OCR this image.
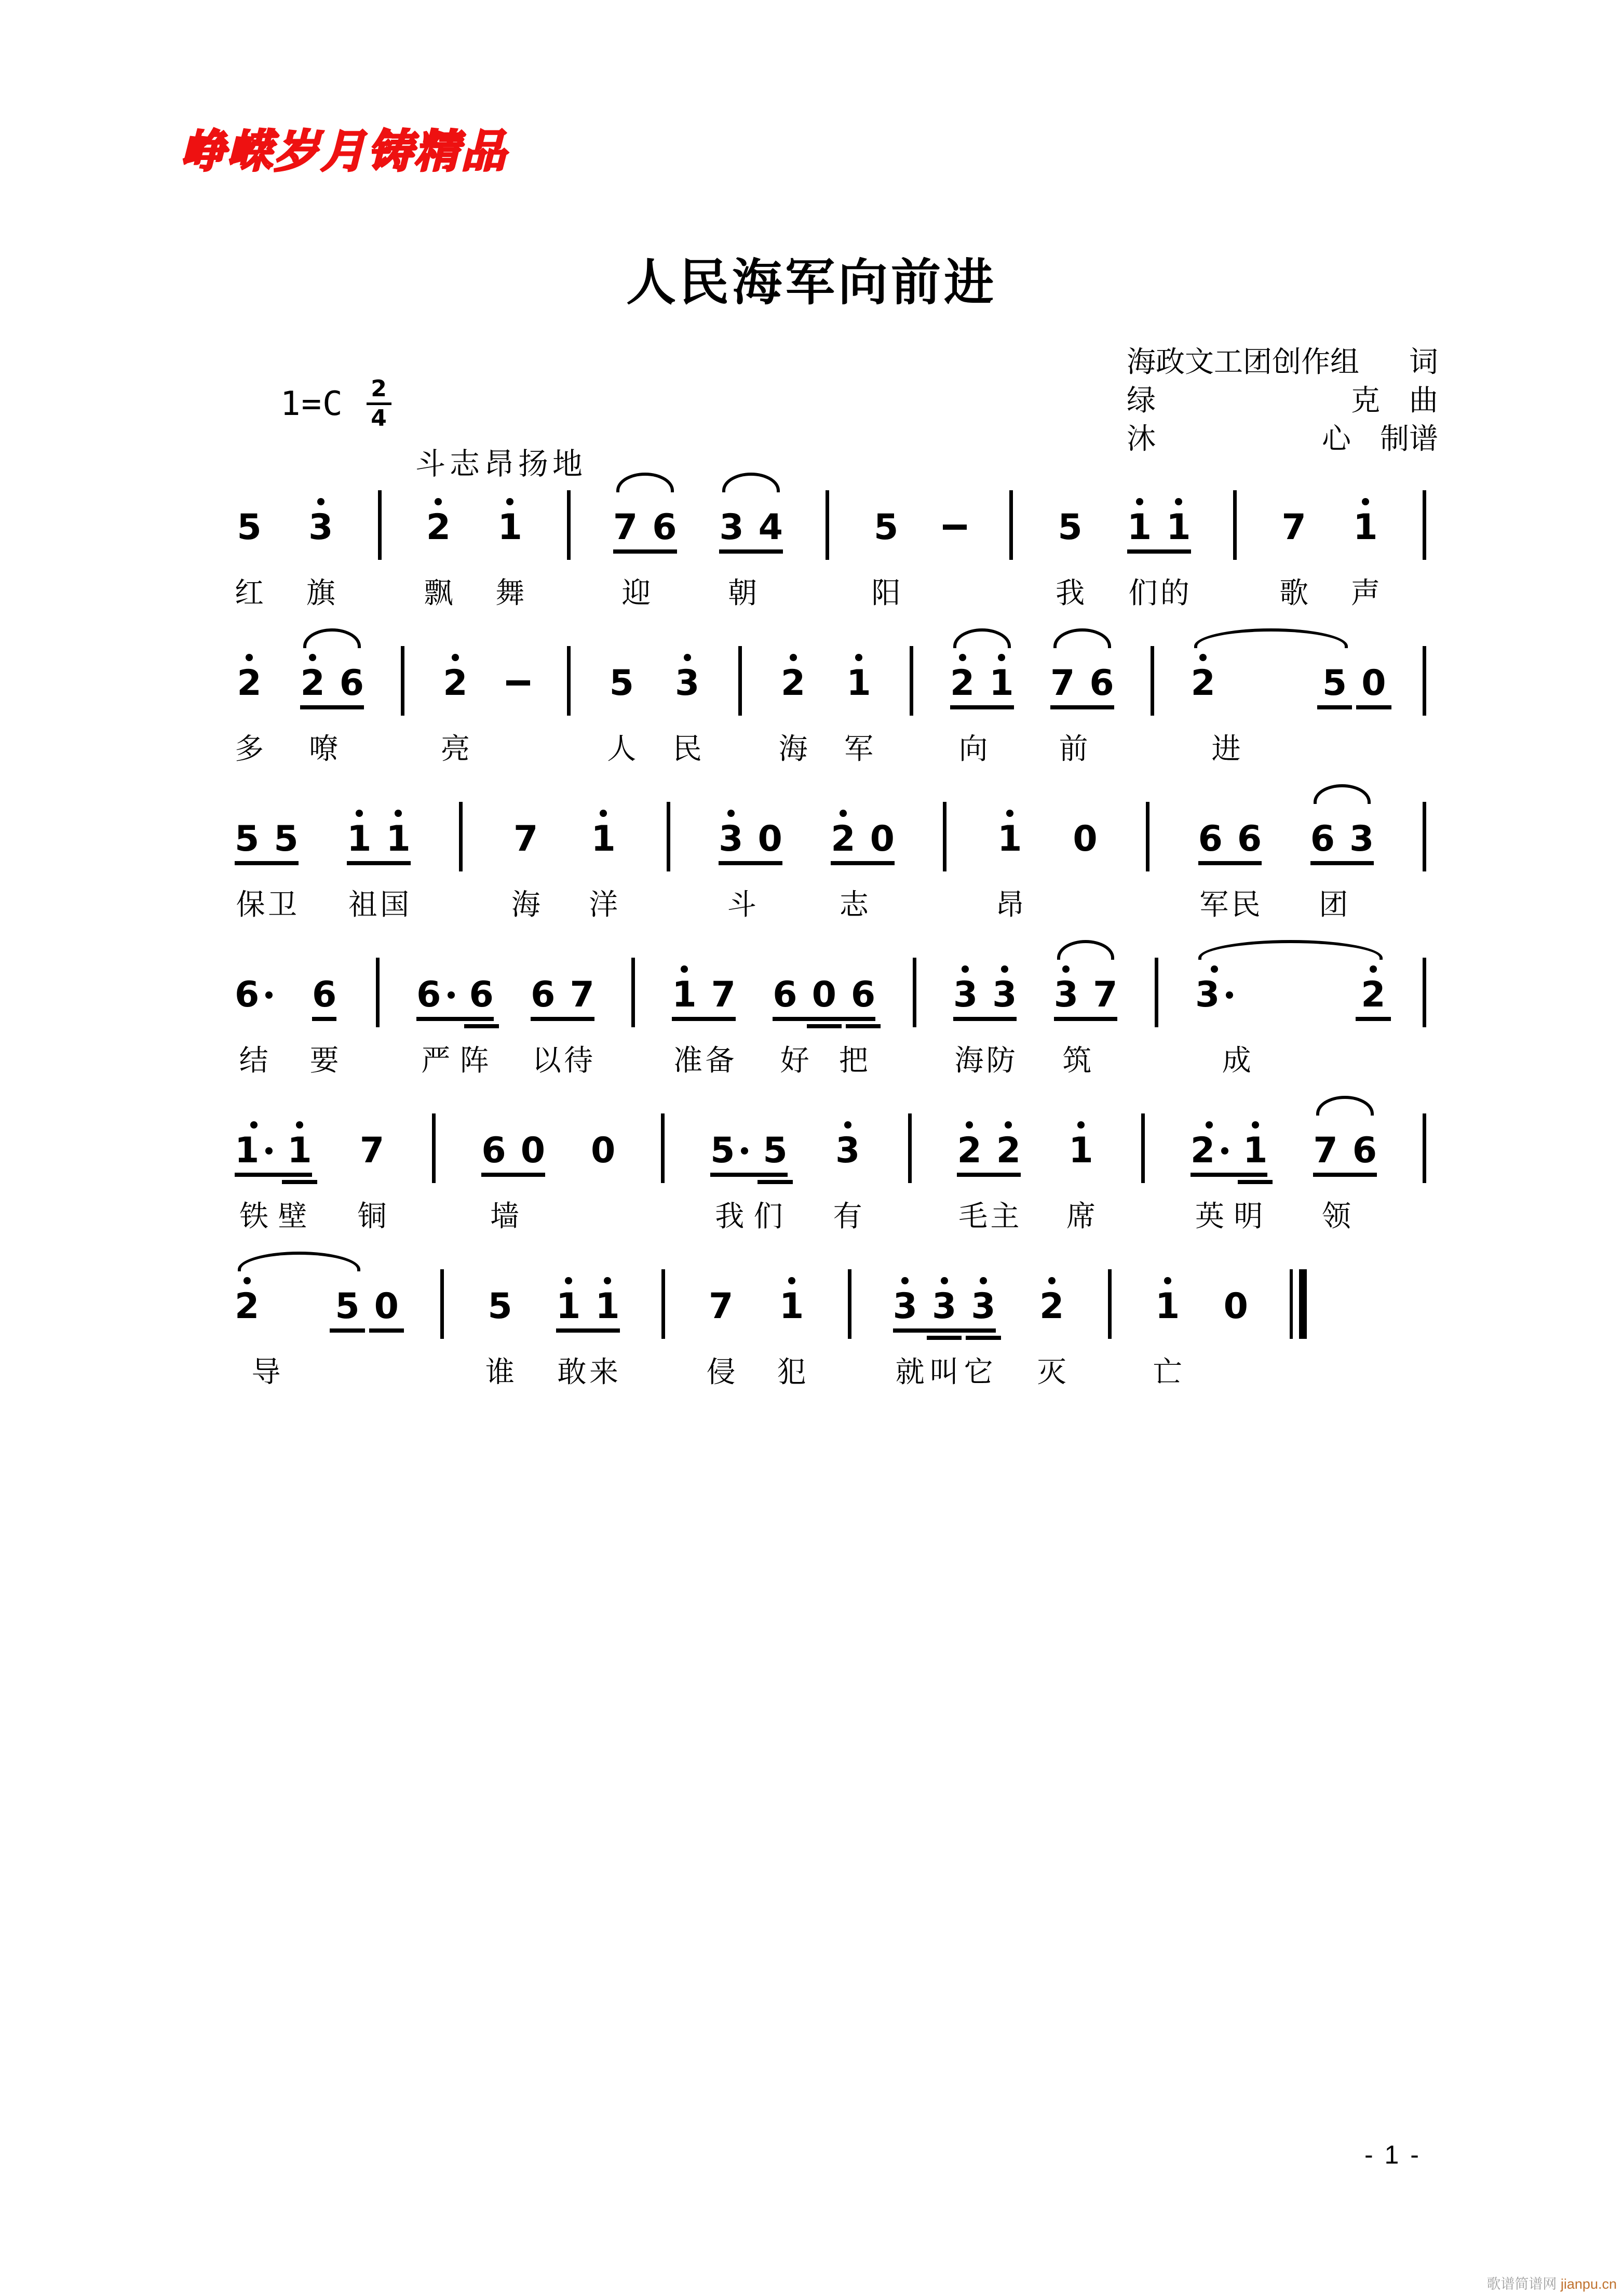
峥嵘岁月铸精品
人民海军向前进
海政文工团创作组 词
绿	克 曲
沐	心 制谱
1=C 2
4
斗志昂扬地
5
红
3
旗
2
飘
1
舞
7 6
迎
3 4
朝
5
阳
5
我
1 1
们 的
7
歌
1
声
2
多
2 6
嘹
2
亮
5
人
3
民
2
海
1
军
2 1
向
7 6
前
2	5 0
进
5 5
保 卫
1 1
祖 国
7
海
1
洋
3 0
斗
2 0
志
1
昂
0	6 6
军 民
6 3
团
6
结
6
要
6 6
严 阵
6 7
以 待
1 7
准 备
6 0 6
好 把
3 3
海 防
3 7
筑
3	2
成
1 1
铁 壁
7
铜
6 0
墙
0	5 5
我 们
3
有
2 2
毛 主
1
席
2 1
英 明
7 6
领
2 5 0
导
5
谁
1 1
敢 来
7
侵
1
犯
3 3 3
就 叫 它
2
灭
1
亡
0
- 1 -
歌谱简谱网 jianpu.cn
